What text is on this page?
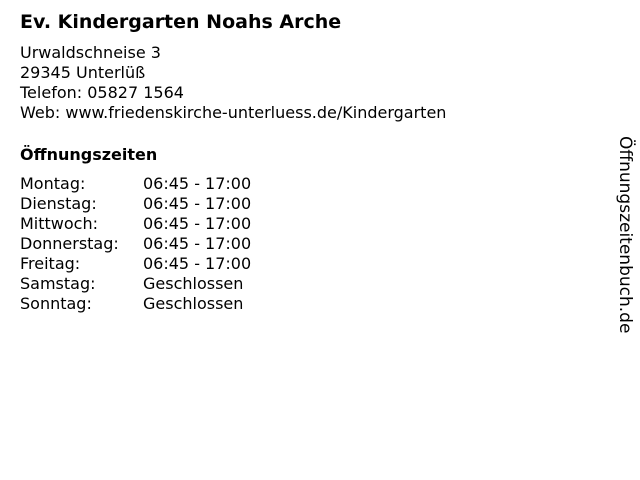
Ev. Kindergarten Noahs Arche
Urwaldschneise 3
29345 Unterlüß
Telefon: 05827 1564
Web: www.friedenskirche-unterluess.de/Kindergarten
Öffnungszeiten
Montag:	06:45 - 17:00
Dienstag:	06:45 - 17:00
Mittwoch:	06:45 - 17:00
Donnerstag: 06:45 - 17:00
Freitag:	06:45 - 17:00
Samstag:	Geschlossen
Sonntag:	Geschlossen	Öffnungszeitenbuch.de
